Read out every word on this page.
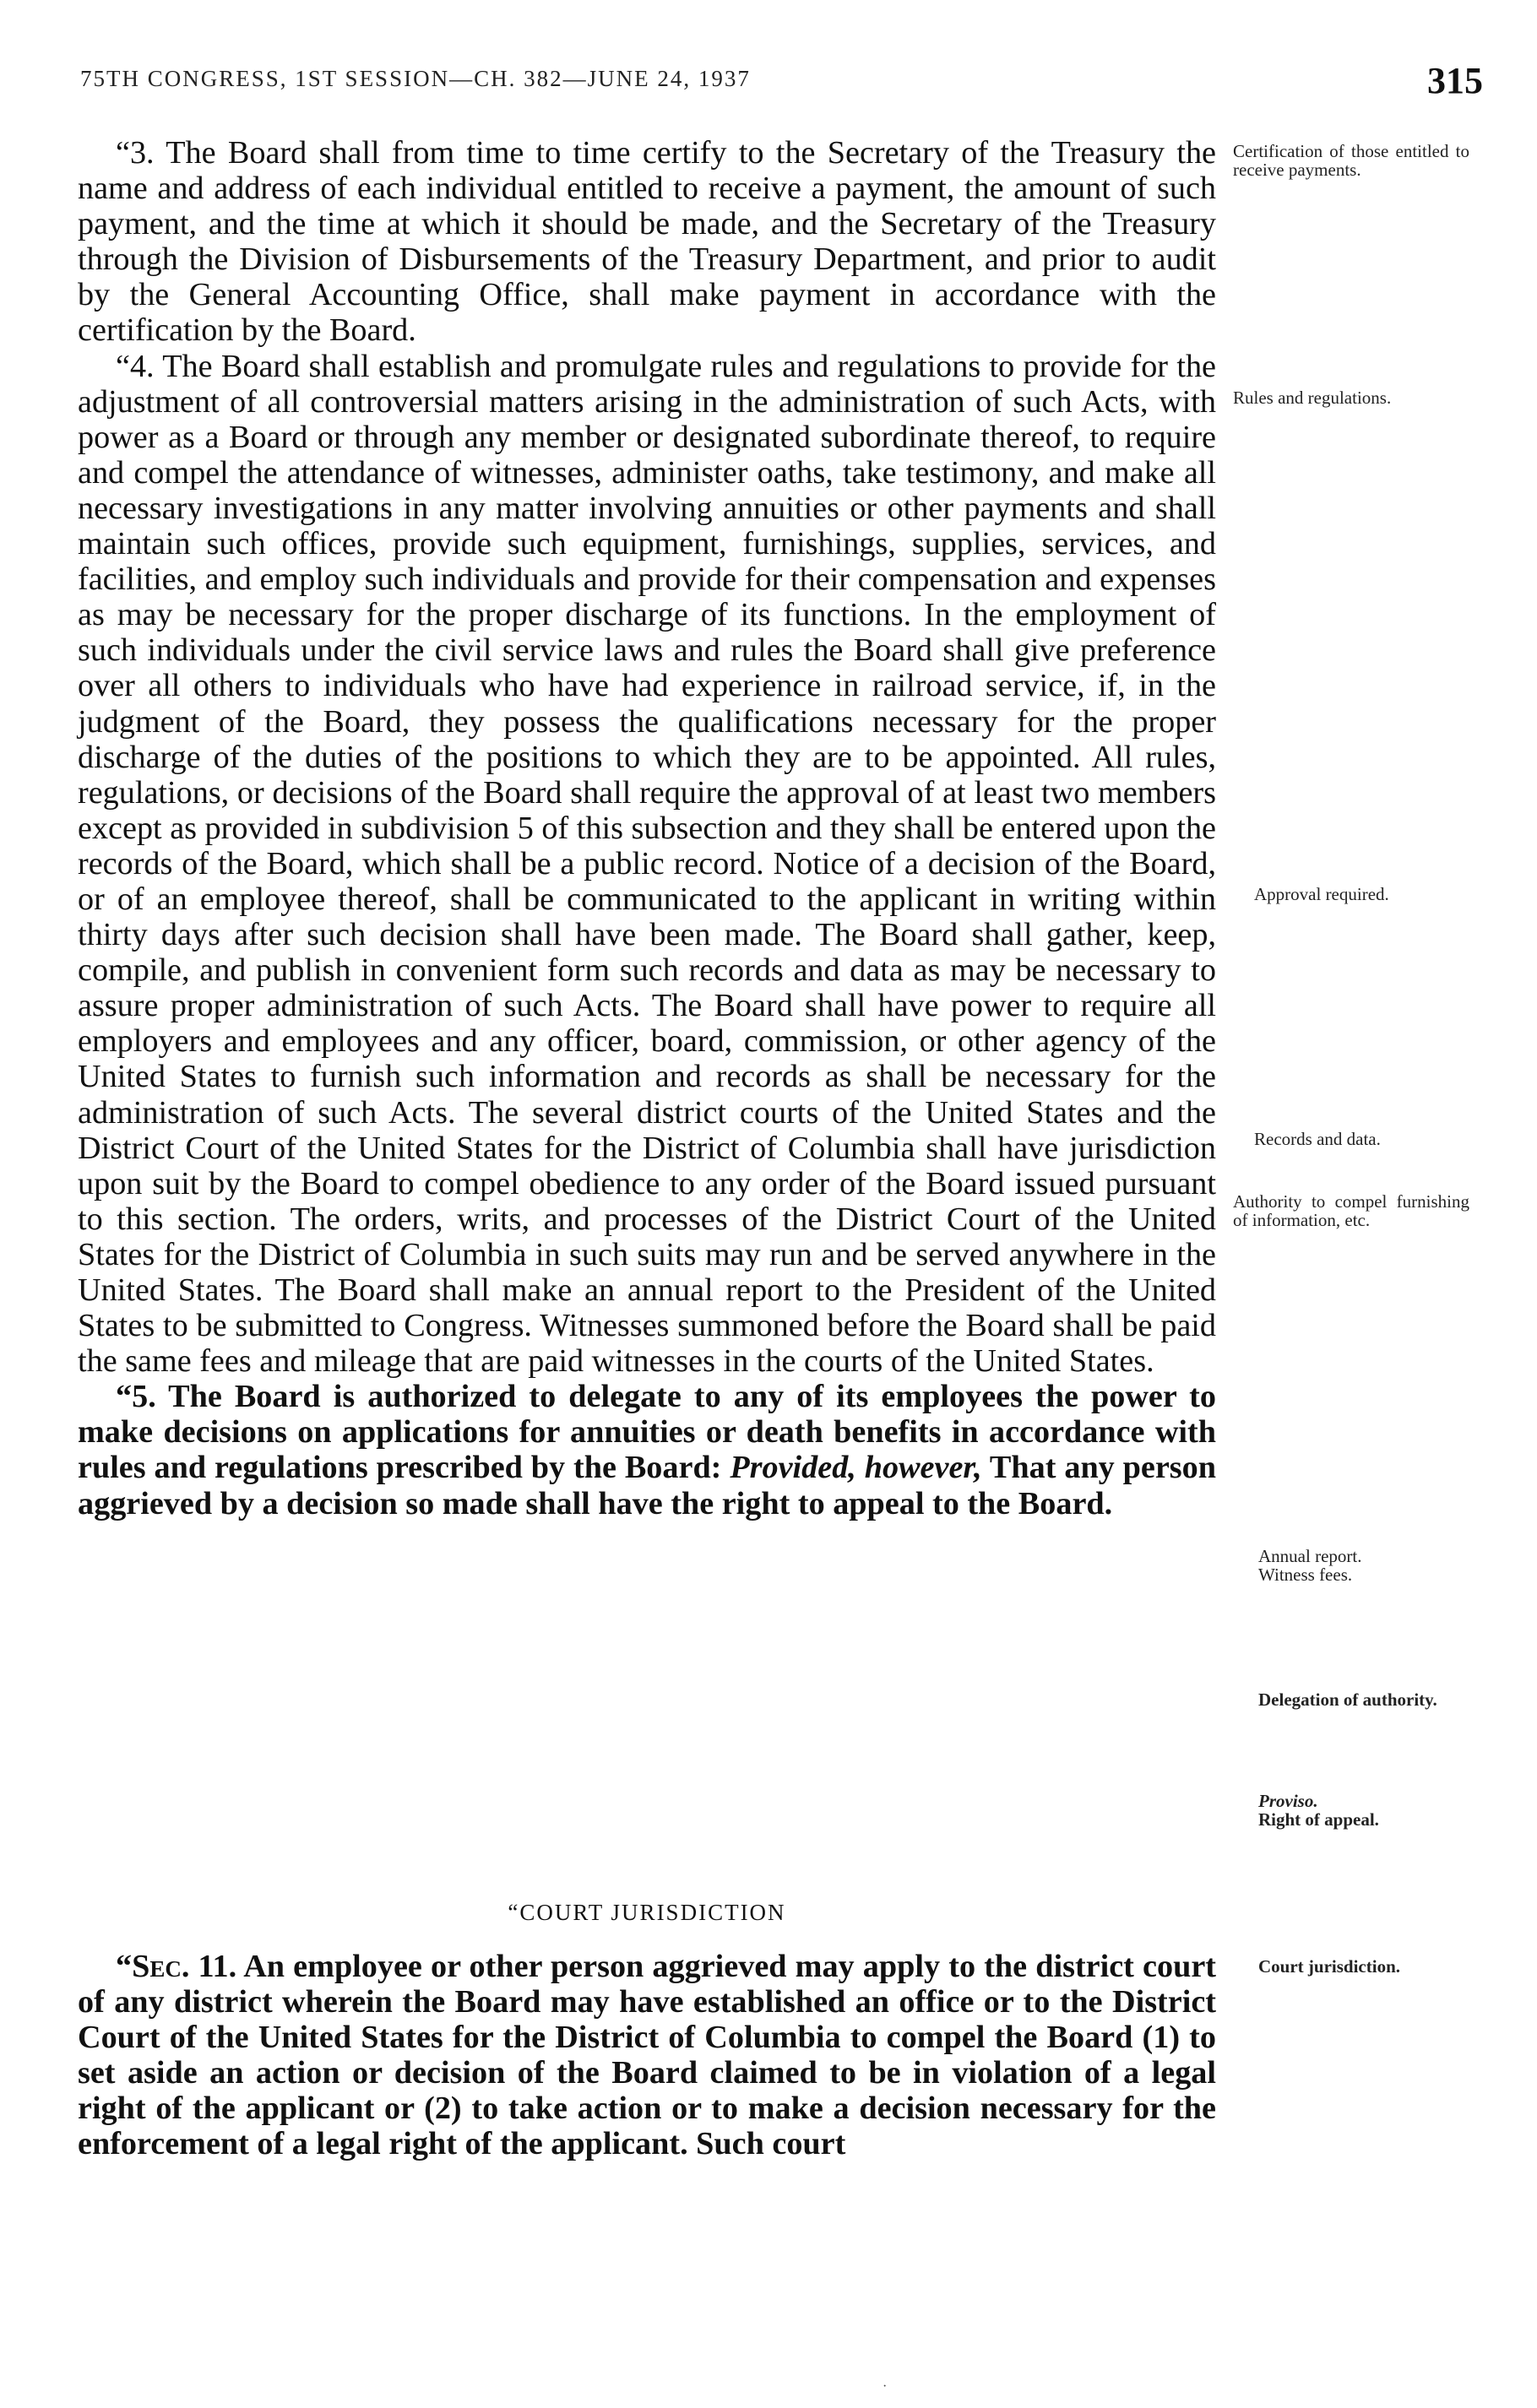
75TH CONGRESS, 1ST SESSION—CH. 382—JUNE 24, 1937	315

“3. The Board shall from time to time certify to the Secretary of the Treasury the name and address of each individual entitled to receive a payment, the amount of such payment, and the time at which it should be made, and the Secretary of the Treasury through the Division of Disbursements of the Treasury Department, and prior to audit by the General Accounting Office, shall make payment in accordance with the certification by the Board.

“4. The Board shall establish and promulgate rules and regulations to provide for the adjustment of all controversial matters arising in the administration of such Acts, with power as a Board or through any member or designated subordinate thereof, to require and compel the attendance of witnesses, administer oaths, take testimony, and make all necessary investigations in any matter involving annuities or other payments and shall maintain such offices, provide such equipment, furnishings, supplies, services, and facilities, and employ such individuals and provide for their compensation and expenses as may be necessary for the proper discharge of its functions. In the employment of such individuals under the civil service laws and rules the Board shall give preference over all others to individuals who have had experience in railroad service, if, in the judgment of the Board, they possess the qualifications necessary for the proper discharge of the duties of the positions to which they are to be appointed. All rules, regulations, or decisions of the Board shall require the approval of at least two members except as provided in subdivision 5 of this subsection and they shall be entered upon the records of the Board, which shall be a public record. Notice of a decision of the Board, or of an employee thereof, shall be communicated to the applicant in writing within thirty days after such decision shall have been made. The Board shall gather, keep, compile, and publish in convenient form such records and data as may be necessary to assure proper administration of such Acts. The Board shall have power to require all employers and employees and any officer, board, commission, or other agency of the United States to furnish such information and records as shall be necessary for the administration of such Acts. The several district courts of the United States and the District Court of the United States for the District of Columbia shall have jurisdiction upon suit by the Board to compel obedience to any order of the Board issued pursuant to this section. The orders, writs, and processes of the District Court of the United States for the District of Columbia in such suits may run and be served anywhere in the United States. The Board shall make an annual report to the President of the United States to be submitted to Congress. Witnesses summoned before the Board shall be paid the same fees and mileage that are paid witnesses in the courts of the United States.

“5. The Board is authorized to delegate to any of its employees the power to make decisions on applications for annuities or death benefits in accordance with rules and regulations prescribed by the Board: Provided, however, That any person aggrieved by a decision so made shall have the right to appeal to the Board.

“COURT JURISDICTION

“Sec. 11. An employee or other person aggrieved may apply to the district court of any district wherein the Board may have established an office or to the District Court of the United States for the District of Columbia to compel the Board (1) to set aside an action or decision of the Board claimed to be in violation of a legal right of the applicant or (2) to take action or to make a decision necessary for the enforcement of a legal right of the applicant. Such court

Certification of those entitled to receive payments.
Rules and regulations.
Approval required.
Records and data.
Authority to compel furnishing of information, etc.
Annual report.
Witness fees.
Delegation of authority.
Proviso.
Right of appeal.
Court jurisdiction.
·
